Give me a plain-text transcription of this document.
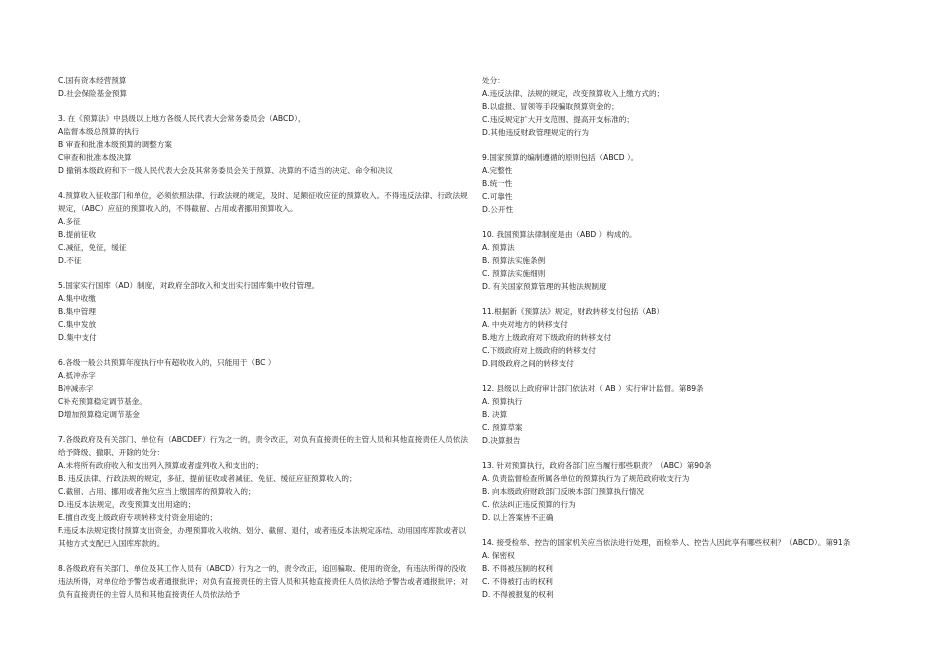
C.国有资本经营预算

D.社会保险基金预算

3. 在《预算法》中县级以上地方各级人民代表大会常务委员会（ABCD），

A监督本级总预算的执行

B 审查和批准本级预算的调整方案

C审查和批准本级决算

D 撤销本级政府和下一级人民代表大会及其常务委员会关于预算、决算的不适当的决定、命令和决议

4.预算收入征收部门和单位，必须依照法律、行政法规的规定，及时、足额征收应征的预算收入。不得违反法律、行政法规规定，（ABC）应征的预算收入的，不得截留、占用或者挪用预算收入。

A.多征

B.提前征收

C.减征，免征，缓征

D.不征

5.国家实行国库（AD）制度，对政府全部收入和支出实行国库集中收付管理。

A.集中收缴

B.集中管理

C.集中发放

D.集中支付

6.各级一般公共预算年度执行中有超收收入的，只能用于（BC ）

A.抵冲赤字

B冲减赤字

C补充预算稳定调节基金。

D增加预算稳定调节基金

7.各级政府及有关部门、单位有（ABCDEF）行为之一的，责令改正，对负有直接责任的主管人员和其他直接责任人员依法给予降级、撤职、开除的处分：

A.未将所有政府收入和支出列入预算或者虚列收入和支出的；

B. 违反法律、行政法规的规定，多征、提前征收或者减征、免征、缓征应征预算收入的；

C.截留、占用、挪用或者拖欠应当上缴国库的预算收入的；

D.违反本法规定，改变预算支出用途的；

E.擅自改变上级政府专项转移支付资金用途的；

F.违反本法规定拨付预算支出资金，办理预算收入收纳、划分、截留、退付，或者违反本法规定冻结、动用国库库款或者以其他方式支配已入国库库款的。

8.各级政府有关部门、单位及其工作人员有（ABCD）行为之一的，责令改正，追回骗取、使用的资金，有违法所得的没收违法所得，对单位给予警告或者通报批评；对负有直接责任的主管人员和其他直接责任人员依法给予警告或者通报批评；对负有直接责任的主管人员和其他直接责任人员依法给予

处分：

A.违反法律、法规的规定，改变预算收入上缴方式的；

B.以虚报、冒领等手段骗取预算资金的；

C.违反规定扩大开支范围、提高开支标准的；

D.其他违反财政管理规定的行为

9.国家预算的编制遵循的原则包括（ABCD ）。

A.完整性

B.统一性

C.可靠性

D.公开性

10. 我国预算法律制度是由（ABD ）构成的。

A. 预算法

B. 预算法实施条例

C. 预算法实施细则

D. 有关国家预算管理的其他法规制度

11.根据新《预算法》规定，财政转移支付包括（AB）

A. 中央对地方的转移支付

B.地方上级政府对下级政府的转移支付

C.下级政府对上级政府的转移支付

D.同级政府之间的转移支付

12. 县级以上政府审计部门依法对（ AB ）实行审计监督。第89条

A. 预算执行

B. 决算

C. 预算草案

D.决算报告

13. 针对预算执行，政府各部门应当履行那些职责？（ABC）第90条

A. 负责监督检查所属各单位的预算执行为了规范政府收支行为

B. 向本级政府财政部门反映本部门预算执行情况

C. 依法纠正违反预算的行为

D. 以上答案皆不正确

14. 接受检举、控告的国家机关应当依法进行处理，而检举人、控告人因此享有哪些权利？（ABCD）。第91条

A. 保密权

B. 不得被压制的权利

C. 不得被打击的权利

D. 不得被报复的权利
